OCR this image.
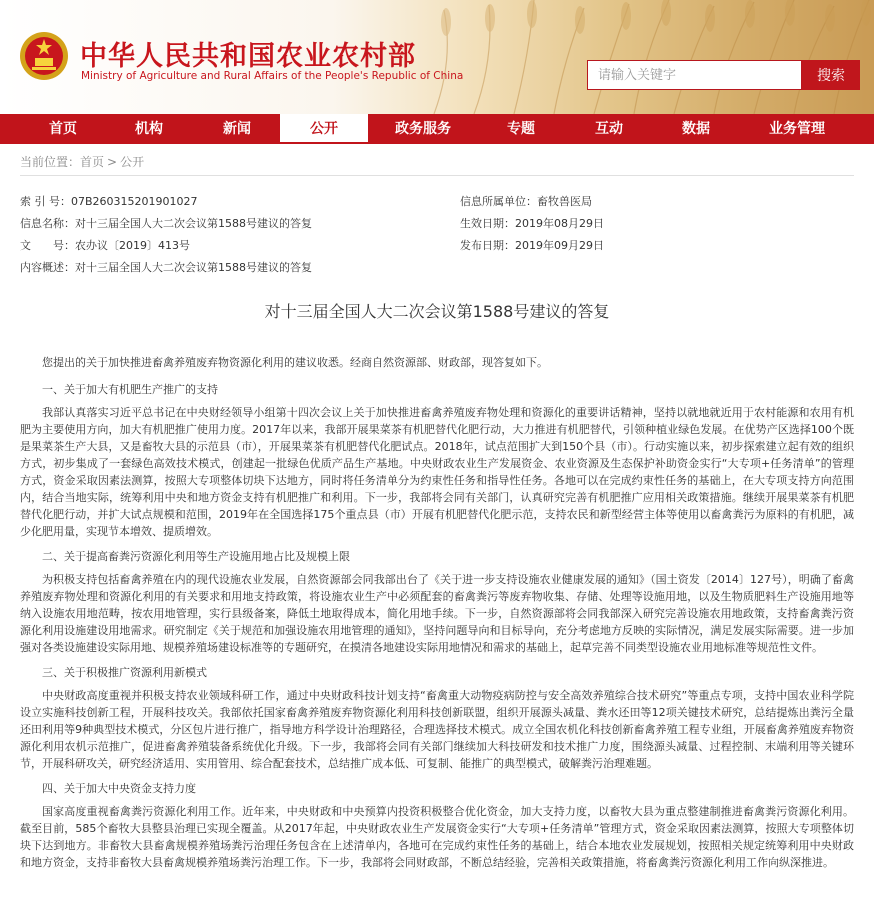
中华人民共和国农业农村部
Ministry of Agriculture and Rural Affairs of the People's Republic of China
请输入关键字	搜索
首页	机构	新闻	公开	政务服务	专题	互动	数据	业务管理
当前位置：首页 > 公开
索 引 号：07B260315201901027	信息所属单位：畜牧兽医局
信息名称：对十三届全国人大二次会议第1588号建议的答复	生效日期：2019年08月29日
文　　号：农办议〔2019〕413号	发布日期：2019年09月29日
内容概述：对十三届全国人大二次会议第1588号建议的答复
对十三届全国人大二次会议第1588号建议的答复

您提出的关于加快推进畜禽养殖废弃物资源化利用的建议收悉。经商自然资源部、财政部，现答复如下。

一、关于加大有机肥生产推广的支持

我部认真落实习近平总书记在中央财经领导小组第十四次会议上关于加快推进畜禽养殖废弃物处理和资源化的重要讲话精神，坚持以就地就近用于农村能源和农用有机肥为主要使用方向，加大有机肥推广使用力度。2017年以来，我部开展果菜茶有机肥替代化肥行动，大力推进有机肥替代，引领种植业绿色发展。在优势产区选择100个既是果菜茶生产大县，又是畜牧大县的示范县（市），开展果菜茶有机肥替代化肥试点。2018年，试点范围扩大到150个县（市）。行动实施以来，初步探索建立起有效的组织方式，初步集成了一套绿色高效技术模式，创建起一批绿色优质产品生产基地。中央财政农业生产发展资金、农业资源及生态保护补助资金实行“大专项+任务清单”的管理方式，资金采取因素法测算，按照大专项整体切块下达地方，同时将任务清单分为约束性任务和指导性任务。各地可以在完成约束性任务的基础上，在大专项支持方向范围内，结合当地实际，统筹利用中央和地方资金支持有机肥推广和利用。下一步，我部将会同有关部门，认真研究完善有机肥推广应用相关政策措施。继续开展果菜茶有机肥替代化肥行动，并扩大试点规模和范围，2019年在全国选择175个重点县（市）开展有机肥替代化肥示范，支持农民和新型经营主体等使用以畜禽粪污为原料的有机肥，减少化肥用量，实现节本增效、提质增效。

二、关于提高畜粪污资源化利用等生产设施用地占比及规模上限

为积极支持包括畜禽养殖在内的现代设施农业发展，自然资源部会同我部出台了《关于进一步支持设施农业健康发展的通知》（国土资发〔2014〕127号），明确了畜禽养殖废弃物处理和资源化利用的有关要求和用地支持政策，将设施农业生产中必须配套的畜禽粪污等废弃物收集、存储、处理等设施用地，以及生物质肥料生产设施用地等纳入设施农用地范畴，按农用地管理，实行县级备案，降低土地取得成本，简化用地手续。下一步，自然资源部将会同我部深入研究完善设施农用地政策，支持畜禽粪污资源化利用设施建设用地需求。研究制定《关于规范和加强设施农用地管理的通知》，坚持问题导向和目标导向，充分考虑地方反映的实际情况，满足发展实际需要。进一步加强对各类设施建设实际用地、规模养殖场建设标准等的专题研究，在摸清各地建设实际用地情况和需求的基础上，起草完善不同类型设施农业用地标准等规范性文件。

三、关于积极推广资源利用新模式

中央财政高度重视并积极支持农业领域科研工作，通过中央财政科技计划支持“畜禽重大动物疫病防控与安全高效养殖综合技术研究”等重点专项，支持中国农业科学院设立实施科技创新工程，开展科技攻关。我部依托国家畜禽养殖废弃物资源化利用科技创新联盟，组织开展源头减量、粪水还田等12项关键技术研究，总结提炼出粪污全量还田利用等9种典型技术模式，分区包片进行推广，指导地方科学设计治理路径，合理选择技术模式。成立全国农机化科技创新畜禽养殖工程专业组，开展畜禽养殖废弃物资源化利用农机示范推广，促进畜禽养殖装备系统优化升级。下一步，我部将会同有关部门继续加大科技研发和技术推广力度，围绕源头减量、过程控制、末端利用等关键环节，开展科研攻关，研究经济适用、实用管用、综合配套技术，总结推广成本低、可复制、能推广的典型模式，破解粪污治理难题。

四、关于加大中央资金支持力度

国家高度重视畜禽粪污资源化利用工作。近年来，中央财政和中央预算内投资积极整合优化资金，加大支持力度，以畜牧大县为重点整建制推进畜禽粪污资源化利用。截至目前，585个畜牧大县整县治理已实现全覆盖。从2017年起，中央财政农业生产发展资金实行“大专项+任务清单”管理方式，资金采取因素法测算，按照大专项整体切块下达到地方。非畜牧大县畜禽规模养殖场粪污治理任务包含在上述清单内，各地可在完成约束性任务的基础上，结合本地农业发展规划，按照相关规定统筹利用中央财政和地方资金，支持非畜牧大县畜禽规模养殖场粪污治理工作。下一步，我部将会同财政部，不断总结经验，完善相关政策措施，将畜禽粪污资源化利用工作向纵深推进。
